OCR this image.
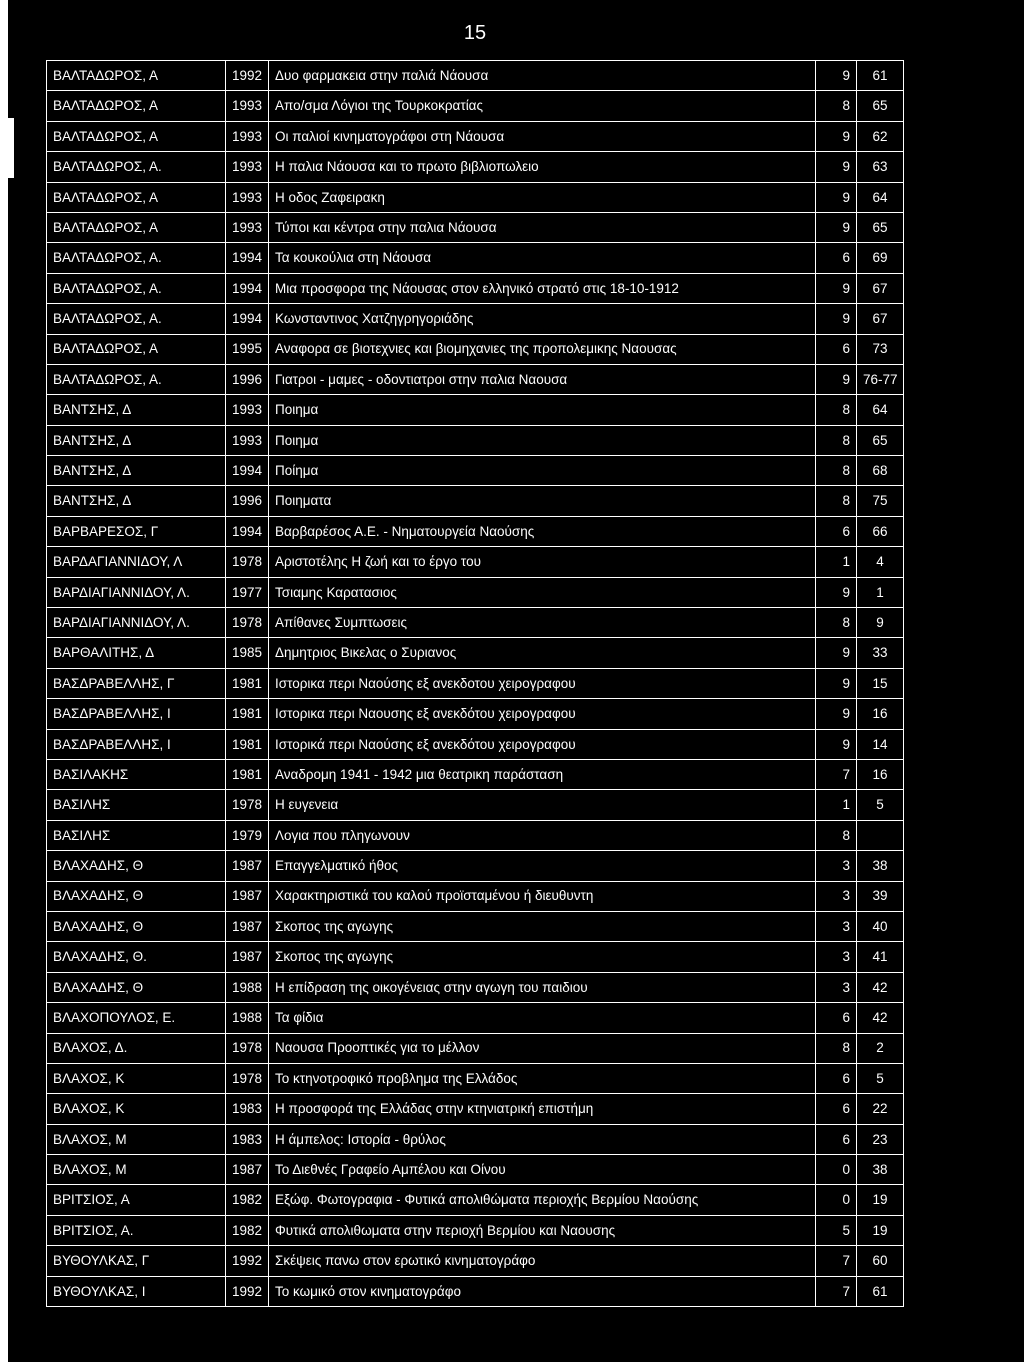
15
ΒΑΛΤΑΔΩΡΟΣ, Α	1992	Δυο φαρμακεια στην παλιά Νάουσα	9	61
ΒΑΛΤΑΔΩΡΟΣ, Α	1993	Απο/σμα Λόγιοι της Τουρκοκρατίας	8	65
ΒΑΛΤΑΔΩΡΟΣ, Α	1993	Οι παλιοί κινηματογράφοι στη Νάουσα	9	62
ΒΑΛΤΑΔΩΡΟΣ, Α.	1993	Η παλια Νάουσα και το πρωτο βιβλιοπωλειο	9	63
ΒΑΛΤΑΔΩΡΟΣ, Α	1993	Η οδος Ζαφειρακη	9	64
ΒΑΛΤΑΔΩΡΟΣ, Α	1993	Τύποι και κέντρα στην παλια Νάουσα	9	65
ΒΑΛΤΑΔΩΡΟΣ, Α.	1994	Τα κουκούλια στη Νάουσα	6	69
ΒΑΛΤΑΔΩΡΟΣ, Α.	1994	Μια προσφορα της Νάουσας στον ελληνικό στρατό στις 18-10-1912	9	67
ΒΑΛΤΑΔΩΡΟΣ, Α.	1994	Κωνσταντινος Χατζηγρηγοριάδης	9	67
ΒΑΛΤΑΔΩΡΟΣ, Α	1995	Αναφορα σε βιοτεχνιες και βιομηχανιες της προπολεμικης Ναουσας	6	73
ΒΑΛΤΑΔΩΡΟΣ, Α.	1996	Γιατροι - μαμες - οδοντιατροι στην παλια Ναουσα	9	76-77
ΒΑΝΤΣΗΣ, Δ	1993	Ποιημα	8	64
ΒΑΝΤΣΗΣ, Δ	1993	Ποιημα	8	65
ΒΑΝΤΣΗΣ, Δ	1994	Ποίημα	8	68
ΒΑΝΤΣΗΣ, Δ	1996	Ποιηματα	8	75
ΒΑΡΒΑΡΕΣΟΣ, Γ	1994	Βαρβαρέσος Α.Ε. - Νηματουργεία Ναούσης	6	66
ΒΑΡΔΑΓΙΑΝΝΙΔΟΥ, Λ	1978	Αριστοτέλης Η ζωή και το έργο του	1	4
ΒΑΡΔΙΑΓΙΑΝΝΙΔΟΥ, Λ.	1977	Τσιαμης Καρατασιος	9	1
ΒΑΡΔΙΑΓΙΑΝΝΙΔΟΥ, Λ.	1978	Απίθανες Συμπτωσεις	8	9
ΒΑΡΘΑΛΙΤΗΣ, Δ	1985	Δημητριος Βικελας ο Συριανος	9	33
ΒΑΣΔΡΑΒΕΛΛΗΣ, Γ	1981	Ιστορικα περι Ναούσης εξ ανεκδοτου χειρογραφου	9	15
ΒΑΣΔΡΑΒΕΛΛΗΣ, Ι	1981	Ιστορικα περι Ναουσης εξ ανεκδότου χειρογραφου	9	16
ΒΑΣΔΡΑΒΕΛΛΗΣ, Ι	1981	Ιστορικά περι Ναούσης εξ ανεκδότου χειρογραφου	9	14
ΒΑΣΙΛΑΚΗΣ	1981	Αναδρομη 1941 - 1942 μια θεατρικη παράσταση	7	16
ΒΑΣΙΛΗΣ	1978	Η ευγενεια	1	5
ΒΑΣΙΛΗΣ	1979	Λογια που πληγωνουν	8	
ΒΛΑΧΑΔΗΣ, Θ	1987	Επαγγελματικό ήθος	3	38
ΒΛΑΧΑΔΗΣ, Θ	1987	Χαρακτηριστικά του καλού προϊσταμένου ή διευθυντη	3	39
ΒΛΑΧΑΔΗΣ, Θ	1987	Σκοπος της αγωγης	3	40
ΒΛΑΧΑΔΗΣ, Θ.	1987	Σκοπος της αγωγης	3	41
ΒΛΑΧΑΔΗΣ, Θ	1988	Η επίδραση της οικογένειας στην αγωγη του παιδιου	3	42
ΒΛΑΧΟΠΟΥΛΟΣ, Ε.	1988	Τα φίδια	6	42
ΒΛΑΧΟΣ, Δ.	1978	Ναουσα Προοπτικές για το μέλλον	8	2
ΒΛΑΧΟΣ, Κ	1978	Το κτηνοτροφικό προβλημα της Ελλάδος	6	5
ΒΛΑΧΟΣ, Κ	1983	Η προσφορά της Ελλάδας στην κτηνιατρική επιστήμη	6	22
ΒΛΑΧΟΣ, Μ	1983	Η άμπελος: Ιστορία - θρύλος	6	23
ΒΛΑΧΟΣ, Μ	1987	Το Διεθνές Γραφείο Αμπέλου και Οίνου	0	38
ΒΡΙΤΣΙΟΣ, Α	1982	Εξώφ. Φωτογραφια - Φυτικά απολιθώματα περιοχής Βερμίου Ναούσης	0	19
ΒΡΙΤΣΙΟΣ, Α.	1982	Φυτικά απολιθωματα στην περιοχή Βερμίου και Ναουσης	5	19
ΒΥΘΟΥΛΚΑΣ, Γ	1992	Σκέψεις πανω στον ερωτικό κινηματογράφο	7	60
ΒΥΘΟΥΛΚΑΣ, Ι	1992	Το κωμικό στον κινηματογράφο	7	61
